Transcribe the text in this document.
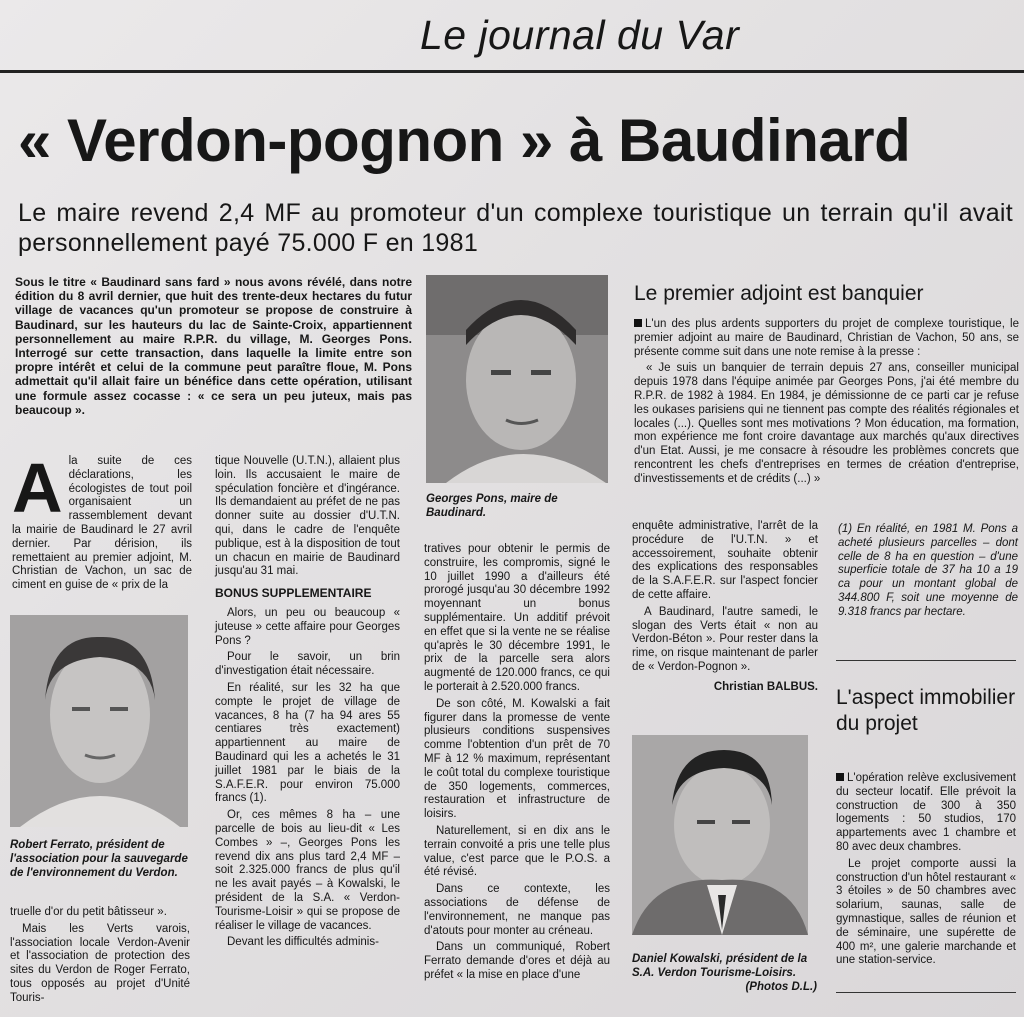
Le journal du Var
« Verdon-pognon » à Baudinard
Le maire revend 2,4 MF au promoteur d'un complexe touristique un terrain qu'il avait personnellement payé 75.000 F en 1981
Sous le titre « Baudinard sans fard » nous avons révélé, dans notre édition du 8 avril dernier, que huit des trente-deux hectares du futur village de vacances qu'un promoteur se propose de construire à Baudinard, sur les hauteurs du lac de Sainte-Croix, appartiennent personnellement au maire R.P.R. du village, M. Georges Pons. Interrogé sur cette transaction, dans laquelle la limite entre son propre intérêt et celui de la commune peut paraître floue, M. Pons admettait qu'il allait faire un bénéfice dans cette opération, utilisant une formule assez cocasse : « ce sera un peu juteux, mais pas beaucoup ».
Georges Pons, maire de Baudinard.
A la suite de ces déclarations, les écologistes de tout poil organisaient un rassemblement devant la mairie de Baudinard le 27 avril dernier. Par dérision, ils remettaient au premier adjoint, M. Christian de Vachon, un sac de ciment en guise de « prix de la
Robert Ferrato, président de l'association pour la sauvegarde de l'environnement du Verdon.

truelle d'or du petit bâtisseur ».

Mais les Verts varois, l'association locale Verdon-Avenir et l'association de protection des sites du Verdon de Roger Ferrato, tous opposés au projet d'Unité Touris-

tique Nouvelle (U.T.N.), allaient plus loin. Ils accusaient le maire de spéculation foncière et d'ingérance. Ils demandaient au préfet de ne pas donner suite au dossier d'U.T.N. qui, dans le cadre de l'enquête publique, est à la disposition de tout un chacun en mairie de Baudinard jusqu'au 31 mai.

BONUS SUPPLEMENTAIRE

Alors, un peu ou beaucoup « juteuse » cette affaire pour Georges Pons ?

Pour le savoir, un brin d'investigation était nécessaire.

En réalité, sur les 32 ha que compte le projet de village de vacances, 8 ha (7 ha 94 ares 55 centiares très exactement) appartiennent au maire de Baudinard qui les a achetés le 31 juillet 1981 par le biais de la S.A.F.E.R. pour environ 75.000 francs (1).

Or, ces mêmes 8 ha – une parcelle de bois au lieu-dit « Les Combes » –, Georges Pons les revend dix ans plus tard 2,4 MF – soit 2.325.000 francs de plus qu'il ne les avait payés – à Kowalski, le président de la S.A. « Verdon-Tourisme-Loisir » qui se propose de réaliser le village de vacances.

Devant les difficultés adminis-

tratives pour obtenir le permis de construire, les compromis, signé le 10 juillet 1990 a d'ailleurs été prorogé jusqu'au 30 décembre 1992 moyennant un bonus supplémentaire. Un additif prévoit en effet que si la vente ne se réalise qu'après le 30 décembre 1991, le prix de la parcelle sera alors augmenté de 120.000 francs, ce qui le porterait à 2.520.000 francs.

De son côté, M. Kowalski a fait figurer dans la promesse de vente plusieurs conditions suspensives comme l'obtention d'un prêt de 70 MF à 12 % maximum, représentant le coût total du complexe touristique de 350 logements, commerces, restauration et infrastructure de loisirs.

Naturellement, si en dix ans le terrain convoité a pris une telle plus value, c'est parce que le P.O.S. a été révisé.

Dans ce contexte, les associations de défense de l'environnement, ne manque pas d'atouts pour monter au créneau.

Dans un communiqué, Robert Ferrato demande d'ores et déjà au préfet « la mise en place d'une

Le premier adjoint est banquier

L'un des plus ardents supporters du projet de complexe touristique, le premier adjoint au maire de Baudinard, Christian de Vachon, 50 ans, se présente comme suit dans une note remise à la presse :

« Je suis un banquier de terrain depuis 27 ans, conseiller municipal depuis 1978 dans l'équipe animée par Georges Pons, j'ai été membre du R.P.R. de 1982 à 1984. En 1984, je démissionne de ce parti car je refuse les oukases parisiens qui ne tiennent pas compte des réalités régionales et locales (...). Quelles sont mes motivations ? Mon éducation, ma formation, mon expérience me font croire davantage aux marchés qu'aux directives d'un Etat. Aussi, je me consacre à résoudre les problèmes concrets que rencontrent les chefs d'entreprises en termes de création d'entreprise, d'investissements et de crédits (...) »

enquête administrative, l'arrêt de la procédure de l'U.T.N. » et accessoirement, souhaite obtenir des explications des responsables de la S.A.F.E.R. sur l'aspect foncier de cette affaire.

A Baudinard, l'autre samedi, le slogan des Verts était « non au Verdon-Béton ». Pour rester dans la rime, on risque maintenant de parler de « Verdon-Pognon ».

Christian BALBUS.

Daniel Kowalski, président de la S.A. Verdon Tourisme-Loisirs.
(Photos D.L.)
(1) En réalité, en 1981 M. Pons a acheté plusieurs parcelles – dont celle de 8 ha en question – d'une superficie totale de 37 ha 10 a 19 ca pour un montant global de 344.800 F, soit une moyenne de 9.318 francs par hectare.
L'aspect immobilier du projet

L'opération relève exclusivement du secteur locatif. Elle prévoit la construction de 300 à 350 logements : 50 studios, 170 appartements avec 1 chambre et 80 avec deux chambres.

Le projet comporte aussi la construction d'un hôtel restaurant « 3 étoiles » de 50 chambres avec solarium, saunas, salle de gymnastique, salles de réunion et de séminaire, une supérette de 400 m², une galerie marchande et une station-service.
